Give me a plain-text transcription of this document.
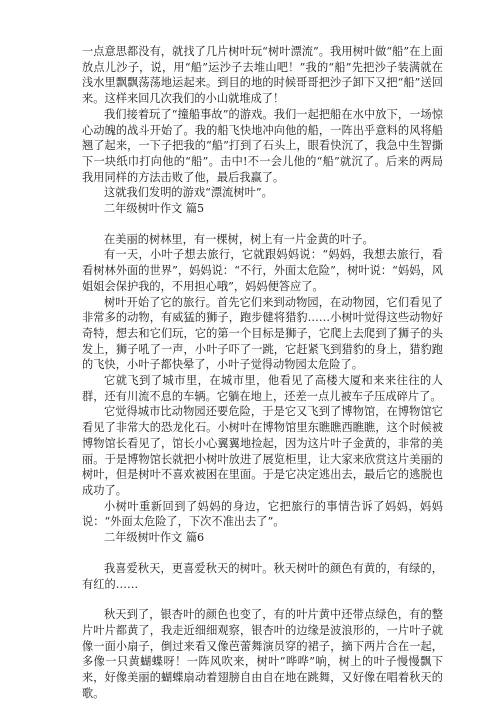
一点意思都没有，就找了几片树叶玩“树叶漂流”。我用树叶做“船”在上面放点儿沙子，说，用“船”运沙子去堆山吧！”我的“船”先把沙子装满就在浅水里飘飘荡荡地运起来。到目的地的时候哥哥把沙子卸下又把“船”送回来。这样来回几次我们的小山就堆成了！

我们接着玩了“撞船事故”的游戏。我们一起把船在水中放下，一场惊心动魄的战斗开始了。我的船飞快地冲向他的船，一阵出乎意料的风将船翘了起来，一下子把我的“船”打到了石头上，眼看快沉了，我急中生智撕下一块纸巾打向他的“船”。击中!不一会儿他的“船”就沉了。后来的两局我用同样的方法击败了他，最后我赢了。

这就我们发明的游戏“漂流树叶”。

二年级树叶作文 篇5

在美丽的树林里，有一棵树，树上有一片金黄的叶子。

有一天，小叶子想去旅行，它就跟妈妈说：“妈妈，我想去旅行，看看树林外面的世界”，妈妈说：“不行，外面太危险”，树叶说：“妈妈，风姐姐会保护我的，不用担心哦”，妈妈便答应了。

树叶开始了它的旅行。首先它们来到动物园，在动物园，它们看见了非常多的动物，有威猛的狮子，跑步健将猎豹……小树叶觉得这些动物好奇特，想去和它们玩，它的第一个目标是狮子，它爬上去爬到了狮子的头发上，狮子吼了一声，小叶子吓了一跳，它赶紧飞到猎豹的身上，猎豹跑的飞快，小叶子都快晕了，小叶子觉得动物园太危险了。

它就飞到了城市里，在城市里，他看见了高楼大厦和来来往往的人群，还有川流不息的车辆。它躺在地上，还差一点儿被车子压成碎片了。

它觉得城市比动物园还要危险，于是它又飞到了博物馆，在博物馆它看见了非常大的恐龙化石。小树叶在博物馆里东瞧瞧西瞧瞧，这个时候被博物馆长看见了，馆长小心翼翼地捡起，因为这片叶子金黄的，非常的美丽。于是博物馆长就把小树叶放进了展览柜里，让大家来欣赏这片美丽的树叶，但是树叶不喜欢被困在里面。于是它决定逃出去，最后它的逃脱也成功了。

小树叶重新回到了妈妈的身边，它把旅行的事情告诉了妈妈，妈妈说：“外面太危险了，下次不准出去了”。

二年级树叶作文 篇6

我喜爱秋天，更喜爱秋天的树叶。秋天树叶的颜色有黄的，有绿的，有红的……

秋天到了，银杏叶的颜色也变了，有的叶片黄中还带点绿色，有的整片叶片都黄了，我走近细细观察，银杏叶的边缘是波浪形的，一片叶子就像一面小扇子，倒过来看又像芭蕾舞演员穿的裙子，摘下两片合在一起，多像一只黄蝴蝶呀！一阵风吹来，树叶“哗哗”响，树上的叶子慢慢飘下来，好像美丽的蝴蝶扇动着翅膀自由自在地在跳舞，又好像在唱着秋天的歌。
